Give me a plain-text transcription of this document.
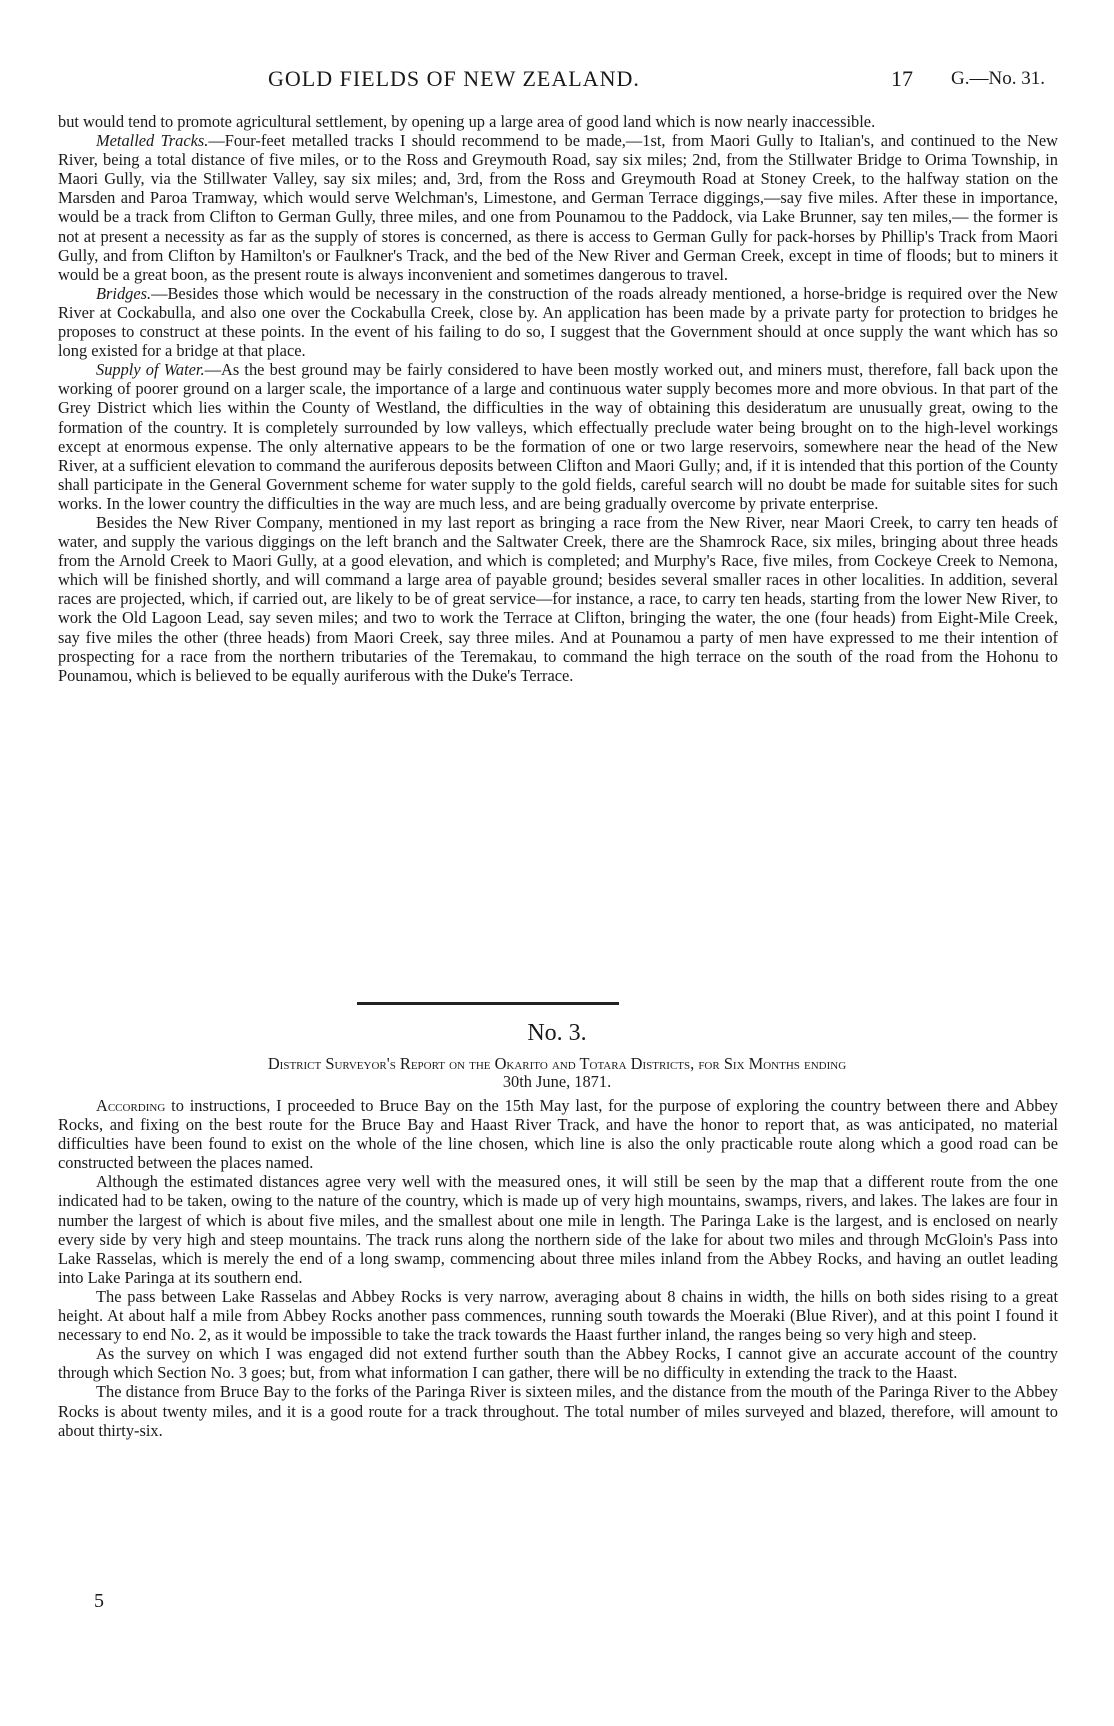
GOLD FIELDS OF NEW ZEALAND.	17 G.—No. 31.

but would tend to promote agricultural settlement, by opening up a large area of good land which is now nearly inaccessible.

Metalled Tracks.—Four-feet metalled tracks I should recommend to be made,—1st, from Maori Gully to Italian's, and continued to the New River, being a total distance of five miles, or to the Ross and Greymouth Road, say six miles; 2nd, from the Stillwater Bridge to Orima Township, in Maori Gully, via the Stillwater Valley, say six miles; and, 3rd, from the Ross and Greymouth Road at Stoney Creek, to the halfway station on the Marsden and Paroa Tramway, which would serve Welchman's, Limestone, and German Terrace diggings,—say five miles. After these in importance, would be a track from Clifton to German Gully, three miles, and one from Pounamou to the Paddock, via Lake Brunner, say ten miles,— the former is not at present a necessity as far as the supply of stores is concerned, as there is access to German Gully for pack-horses by Phillip's Track from Maori Gully, and from Clifton by Hamilton's or Faulkner's Track, and the bed of the New River and German Creek, except in time of floods; but to miners it would be a great boon, as the present route is always inconvenient and sometimes dangerous to travel.

Bridges.—Besides those which would be necessary in the construction of the roads already mentioned, a horse-bridge is required over the New River at Cockabulla, and also one over the Cockabulla Creek, close by. An application has been made by a private party for protection to bridges he proposes to construct at these points. In the event of his failing to do so, I suggest that the Government should at once supply the want which has so long existed for a bridge at that place.

Supply of Water.—As the best ground may be fairly considered to have been mostly worked out, and miners must, therefore, fall back upon the working of poorer ground on a larger scale, the importance of a large and continuous water supply becomes more and more obvious. In that part of the Grey District which lies within the County of Westland, the difficulties in the way of obtaining this desideratum are unusually great, owing to the formation of the country. It is completely surrounded by low valleys, which effectually preclude water being brought on to the high-level workings except at enormous expense. The only alternative appears to be the formation of one or two large reservoirs, somewhere near the head of the New River, at a sufficient elevation to command the auriferous deposits between Clifton and Maori Gully; and, if it is intended that this portion of the County shall participate in the General Government scheme for water supply to the gold fields, careful search will no doubt be made for suitable sites for such works. In the lower country the difficulties in the way are much less, and are being gradually overcome by private enterprise.

Besides the New River Company, mentioned in my last report as bringing a race from the New River, near Maori Creek, to carry ten heads of water, and supply the various diggings on the left branch and the Saltwater Creek, there are the Shamrock Race, six miles, bringing about three heads from the Arnold Creek to Maori Gully, at a good elevation, and which is completed; and Murphy's Race, five miles, from Cockeye Creek to Nemona, which will be finished shortly, and will command a large area of payable ground; besides several smaller races in other localities. In addition, several races are projected, which, if carried out, are likely to be of great service—for instance, a race, to carry ten heads, starting from the lower New River, to work the Old Lagoon Lead, say seven miles; and two to work the Terrace at Clifton, bringing the water, the one (four heads) from Eight-Mile Creek, say five miles the other (three heads) from Maori Creek, say three miles. And at Pounamou a party of men have expressed to me their intention of prospecting for a race from the northern tributaries of the Teremakau, to command the high terrace on the south of the road from the Hohonu to Pounamou, which is believed to be equally auriferous with the Duke's Terrace.

No. 3.
District Surveyor's Report on the Okarito and Totara Districts, for Six Months ending
30th June, 1871.

According to instructions, I proceeded to Bruce Bay on the 15th May last, for the purpose of exploring the country between there and Abbey Rocks, and fixing on the best route for the Bruce Bay and Haast River Track, and have the honor to report that, as was anticipated, no material difficulties have been found to exist on the whole of the line chosen, which line is also the only practicable route along which a good road can be constructed between the places named.

Although the estimated distances agree very well with the measured ones, it will still be seen by the map that a different route from the one indicated had to be taken, owing to the nature of the country, which is made up of very high mountains, swamps, rivers, and lakes. The lakes are four in number the largest of which is about five miles, and the smallest about one mile in length. The Paringa Lake is the largest, and is enclosed on nearly every side by very high and steep mountains. The track runs along the northern side of the lake for about two miles and through McGloin's Pass into Lake Rasselas, which is merely the end of a long swamp, commencing about three miles inland from the Abbey Rocks, and having an outlet leading into Lake Paringa at its southern end.

The pass between Lake Rasselas and Abbey Rocks is very narrow, averaging about 8 chains in width, the hills on both sides rising to a great height. At about half a mile from Abbey Rocks another pass commences, running south towards the Moeraki (Blue River), and at this point I found it necessary to end No. 2, as it would be impossible to take the track towards the Haast further inland, the ranges being so very high and steep.

As the survey on which I was engaged did not extend further south than the Abbey Rocks, I cannot give an accurate account of the country through which Section No. 3 goes; but, from what information I can gather, there will be no difficulty in extending the track to the Haast.

The distance from Bruce Bay to the forks of the Paringa River is sixteen miles, and the distance from the mouth of the Paringa River to the Abbey Rocks is about twenty miles, and it is a good route for a track throughout. The total number of miles surveyed and blazed, therefore, will amount to about thirty-six.

5
